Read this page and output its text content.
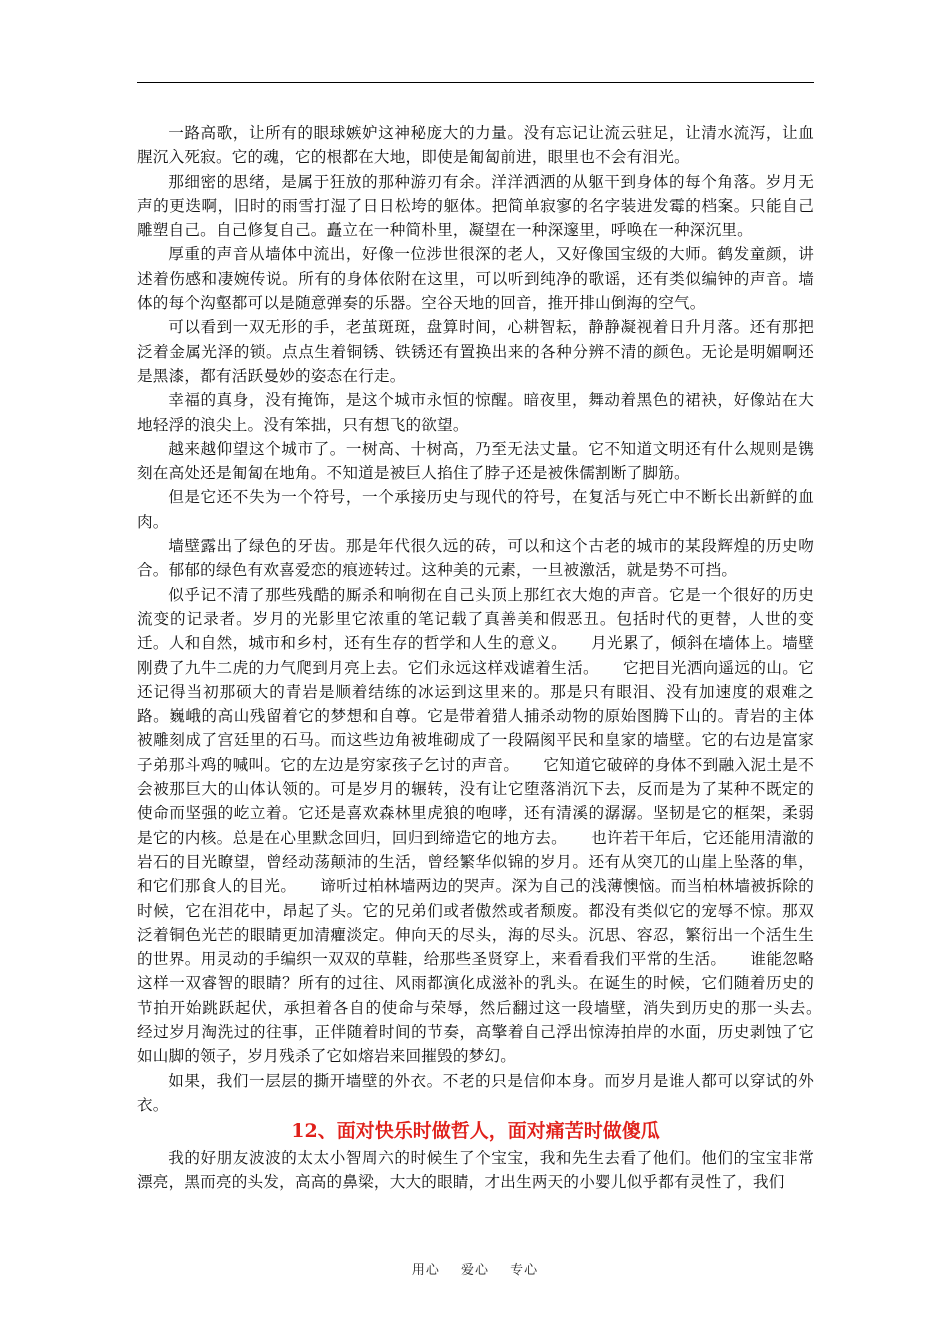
一路高歌，让所有的眼球嫉妒这神秘庞大的力量。没有忘记让流云驻足，让清水流泻，让血腥沉入死寂。它的魂，它的根都在大地，即使是匍匐前进，眼里也不会有泪光。

那细密的思绪，是属于狂放的那种游刃有余。洋洋洒洒的从躯干到身体的每个角落。岁月无声的更迭啊，旧时的雨雪打湿了日日松垮的躯体。把简单寂寥的名字装进发霉的档案。只能自己雕塑自己。自己修复自己。矗立在一种简朴里，凝望在一种深邃里，呼唤在一种深沉里。

厚重的声音从墙体中流出，好像一位涉世很深的老人，又好像国宝级的大师。鹤发童颜，讲述着伤感和凄婉传说。所有的身体依附在这里，可以听到纯净的歌谣，还有类似编钟的声音。墙体的每个沟壑都可以是随意弹奏的乐器。空谷天地的回音，推开排山倒海的空气。

可以看到一双无形的手，老茧斑斑，盘算时间，心耕智耘，静静凝视着日升月落。还有那把泛着金属光泽的锁。点点生着铜锈、铁锈还有置换出来的各种分辨不清的颜色。无论是明媚啊还是黑漆，都有活跃曼妙的姿态在行走。

幸福的真身，没有掩饰，是这个城市永恒的惊醒。暗夜里，舞动着黑色的裙袂，好像站在大地轻浮的浪尖上。没有笨拙，只有想飞的欲望。

越来越仰望这个城市了。一树高、十树高，乃至无法丈量。它不知道文明还有什么规则是镌刻在高处还是匍匐在地角。不知道是被巨人掐住了脖子还是被侏儒割断了脚筋。

但是它还不失为一个符号，一个承接历史与现代的符号，在复活与死亡中不断长出新鲜的血肉。

墙壁露出了绿色的牙齿。那是年代很久远的砖，可以和这个古老的城市的某段辉煌的历史吻合。郁郁的绿色有欢喜爱恋的痕迹转过。这种美的元素，一旦被激活，就是势不可挡。

似乎记不清了那些残酷的厮杀和响彻在自己头顶上那红衣大炮的声音。它是一个很好的历史流变的记录者。岁月的光影里它浓重的笔记载了真善美和假恶丑。包括时代的更替，人世的变迁。人和自然，城市和乡村，还有生存的哲学和人生的意义。　　月光累了，倾斜在墙体上。墙壁刚费了九牛二虎的力气爬到月亮上去。它们永远这样戏谑着生活。　　它把目光洒向遥远的山。它还记得当初那硕大的青岩是顺着结练的冰运到这里来的。那是只有眼泪、没有加速度的艰难之路。巍峨的高山残留着它的梦想和自尊。它是带着猎人捕杀动物的原始图腾下山的。青岩的主体被雕刻成了宫廷里的石马。而这些边角被堆砌成了一段隔阂平民和皇家的墙壁。它的右边是富家子弟那斗鸡的喊叫。它的左边是穷家孩子乞讨的声音。　　它知道它破碎的身体不到融入泥土是不会被那巨大的山体认领的。可是岁月的辗转，没有让它堕落消沉下去，反而是为了某种不既定的使命而坚强的屹立着。它还是喜欢森林里虎狼的咆哮，还有清溪的潺潺。坚韧是它的框架，柔弱是它的内核。总是在心里默念回归，回归到缔造它的地方去。　　也许若干年后，它还能用清澈的岩石的目光瞭望，曾经动荡颠沛的生活，曾经繁华似锦的岁月。还有从突兀的山崖上坠落的隼，和它们那食人的目光。　　谛听过柏林墙两边的哭声。深为自己的浅薄懊恼。而当柏林墙被拆除的时候，它在泪花中，昂起了头。它的兄弟们或者傲然或者颓废。都没有类似它的宠辱不惊。那双泛着铜色光芒的眼睛更加清癯淡定。伸向天的尽头，海的尽头。沉思、容忍，繁衍出一个活生生的世界。用灵动的手编织一双双的草鞋，给那些圣贤穿上，来看看我们平常的生活。　　谁能忽略这样一双睿智的眼睛？所有的过往、风雨都演化成滋补的乳头。在诞生的时候，它们随着历史的节拍开始跳跃起伏，承担着各自的使命与荣辱，然后翻过这一段墙壁，消失到历史的那一头去。　　经过岁月淘洗过的往事，正伴随着时间的节奏，高擎着自己浮出惊涛拍岸的水面，历史剥蚀了它如山脚的领子，岁月残杀了它如熔岩来回摧毁的梦幻。

如果，我们一层层的撕开墙壁的外衣。不老的只是信仰本身。而岁月是谁人都可以穿试的外衣。

12、面对快乐时做哲人，面对痛苦时做傻瓜

我的好朋友波波的太太小智周六的时候生了个宝宝，我和先生去看了他们。他们的宝宝非常漂亮，黑而亮的头发，高高的鼻梁，大大的眼睛，才出生两天的小婴儿似乎都有灵性了，我们

用心 爱心 专心
